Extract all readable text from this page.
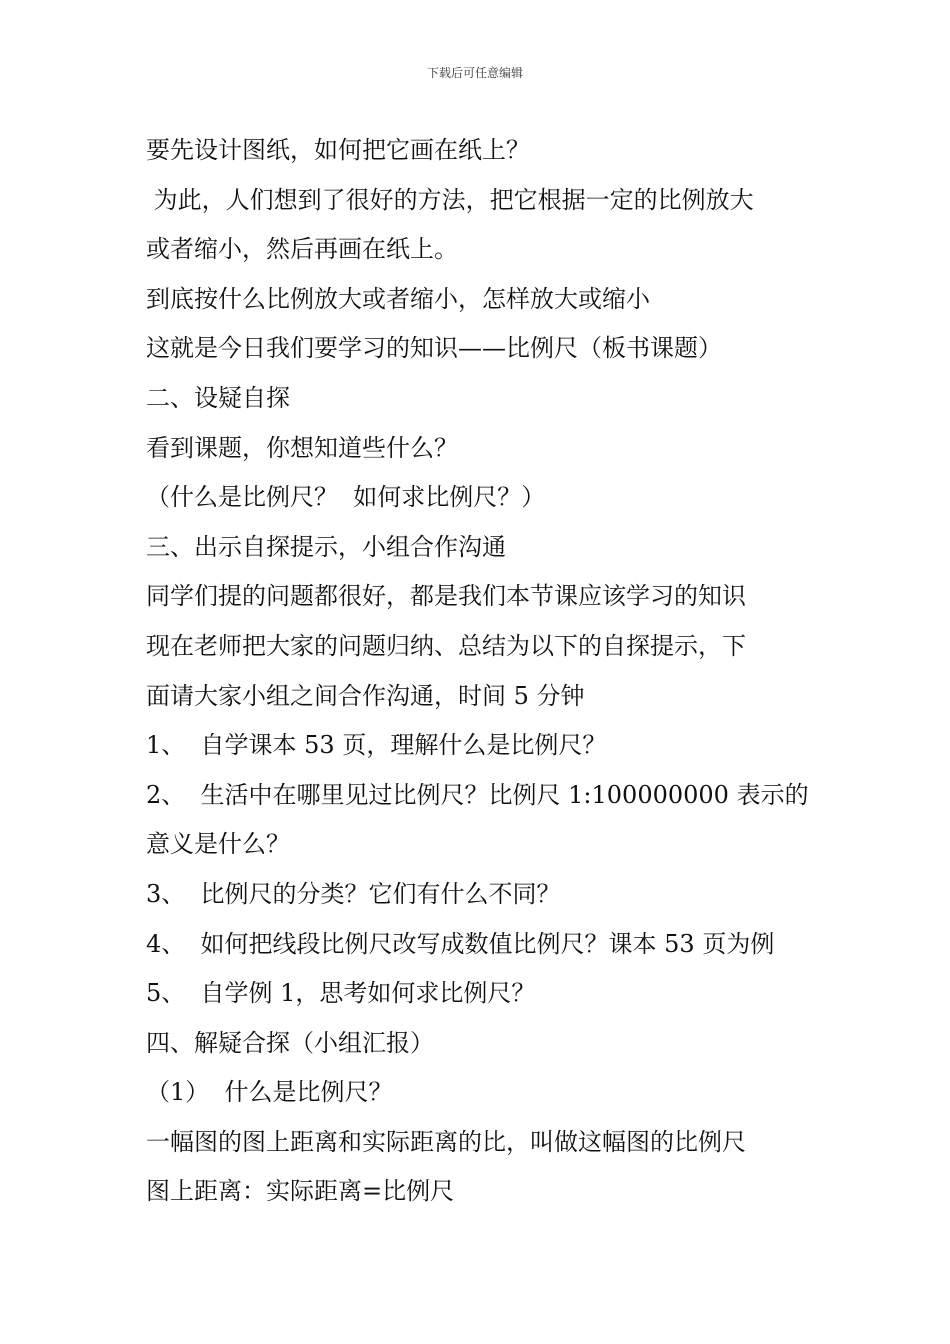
下载后可任意编辑
要先设计图纸，如何把它画在纸上？
为此，人们想到了很好的方法，把它根据一定的比例放大
或者缩小，然后再画在纸上。
到底按什么比例放大或者缩小，怎样放大或缩小
这就是今日我们要学习的知识——比例尺（板书课题）
二、设疑自探
看到课题，你想知道些什么？
（什么是比例尺？  如何求比例尺？）
三、出示自探提示，小组合作沟通
同学们提的问题都很好，都是我们本节课应该学习的知识
现在老师把大家的问题归纳、总结为以下的自探提示，下
面请大家小组之间合作沟通，时间 5 分钟
1、  自学课本 53 页，理解什么是比例尺？
2、  生活中在哪里见过比例尺？比例尺 1:100000000 表示的
意义是什么？
3、  比例尺的分类？它们有什么不同？
4、  如何把线段比例尺改写成数值比例尺？课本 53 页为例
5、  自学例 1，思考如何求比例尺？
四、解疑合探（小组汇报）
（1）  什么是比例尺？
一幅图的图上距离和实际距离的比，叫做这幅图的比例尺
图上距离：实际距离=比例尺
